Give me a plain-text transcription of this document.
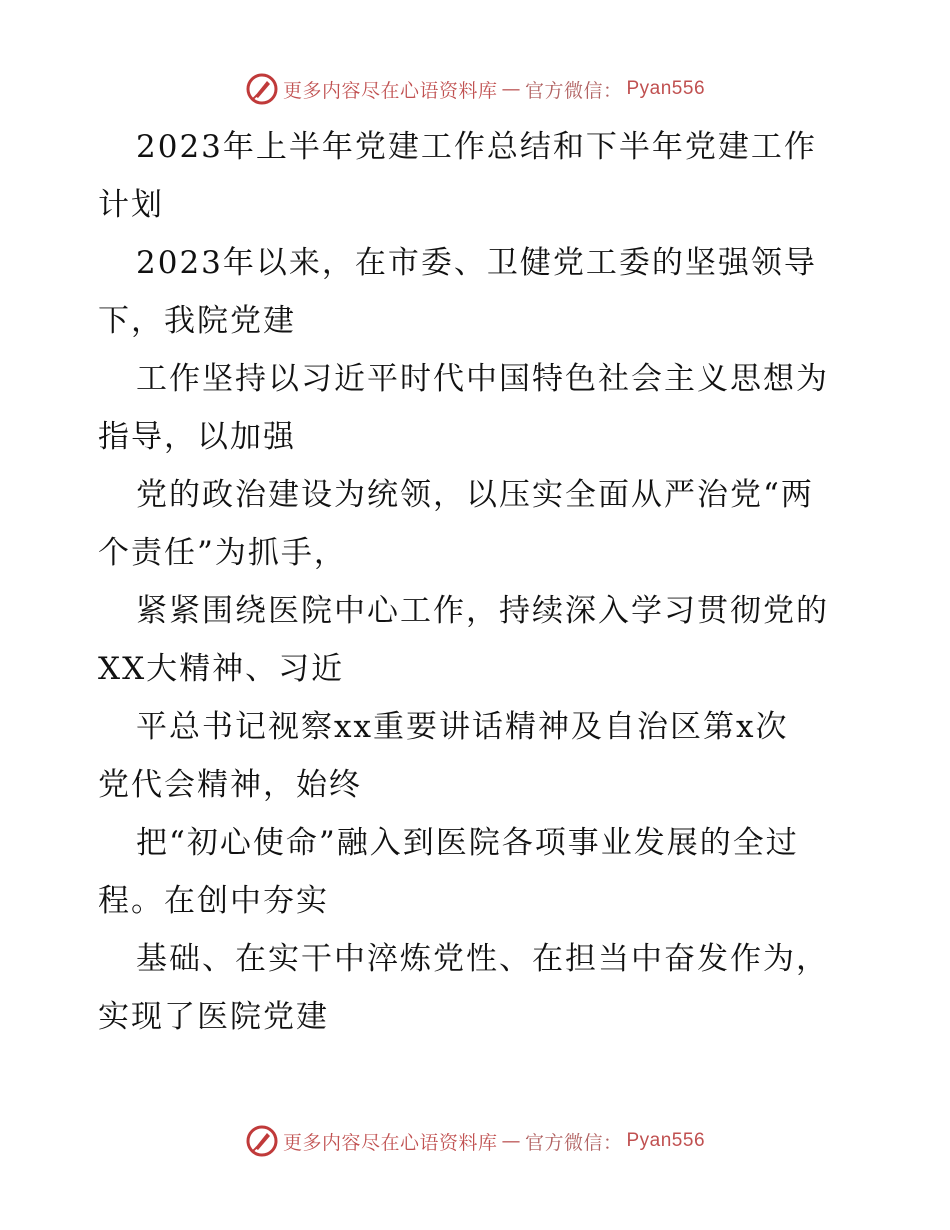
更多内容尽在心语资料库 — 官方微信： Pyan556

2023年上半年党建工作总结和下半年党建工作
计划

2023年以来，在市委、卫健党工委的坚强领导
下，我院党建

工作坚持以习近平时代中国特色社会主义思想为
指导，以加强

党的政治建设为统领，以压实全面从严治党“两
个责任”为抓手，

紧紧围绕医院中心工作，持续深入学习贯彻党的
XX大精神、习近

平总书记视察xx重要讲话精神及自治区第x次
党代会精神，始终

把“初心使命”融入到医院各项事业发展的全过
程。在创中夯实

基础、在实干中淬炼党性、在担当中奋发作为，
实现了医院党建

更多内容尽在心语资料库 — 官方微信： Pyan556
